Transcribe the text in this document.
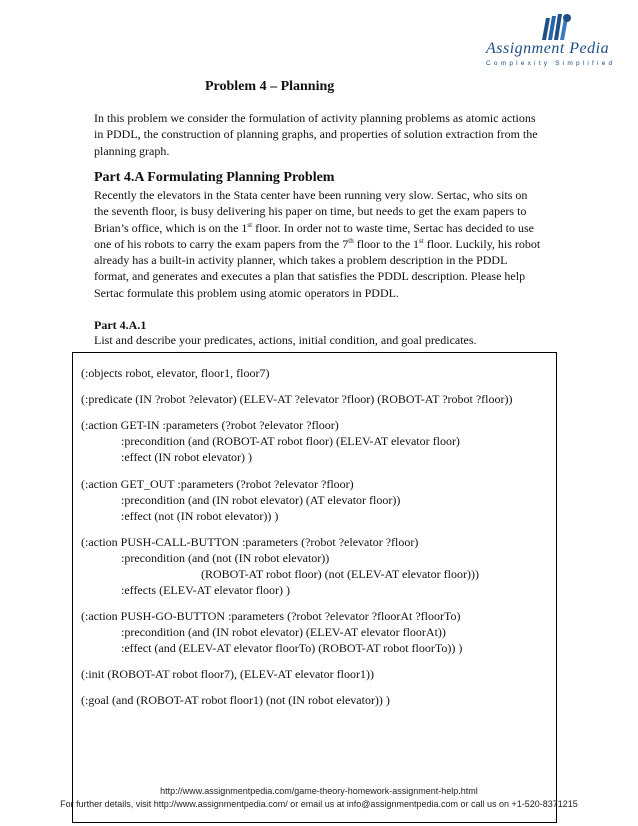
Assignment Pedia
Complexity Simplified
Problem 4 – Planning
In this problem we consider the formulation of activity planning problems as atomic actions in PDDL, the construction of planning graphs, and properties of solution extraction from the planning graph.
Part 4.A Formulating Planning Problem
Recently the elevators in the Stata center have been running very slow. Sertac, who sits on the seventh floor, is busy delivering his paper on time, but needs to get the exam papers to Brian’s office, which is on the 1st floor. In order not to waste time, Sertac has decided to use one of his robots to carry the exam papers from the 7th floor to the 1st floor. Luckily, his robot already has a built-in activity planner, which takes a problem description in the PDDL format, and generates and executes a plan that satisfies the PDDL description. Please help Sertac formulate this problem using atomic operators in PDDL.
Part 4.A.1
List and describe your predicates, actions, initial condition, and goal predicates.
(:objects robot, elevator, floor1, floor7)
(:predicate (IN ?robot ?elevator) (ELEV-AT ?elevator ?floor) (ROBOT-AT ?robot ?floor))
(:action GET-IN :parameters (?robot ?elevator ?floor)
:precondition (and (ROBOT-AT robot floor) (ELEV-AT elevator floor)
:effect (IN robot elevator) )
(:action GET_OUT :parameters (?robot ?elevator ?floor)
:precondition (and (IN robot elevator) (AT elevator floor))
:effect (not (IN robot elevator)) )
(:action PUSH-CALL-BUTTON :parameters (?robot ?elevator ?floor)
:precondition (and (not (IN robot elevator))
(ROBOT-AT robot floor) (not (ELEV-AT elevator floor)))
:effects (ELEV-AT elevator floor) )
(:action PUSH-GO-BUTTON :parameters (?robot ?elevator ?floorAt ?floorTo)
:precondition (and (IN robot elevator) (ELEV-AT elevator floorAt))
:effect (and (ELEV-AT elevator floorTo) (ROBOT-AT robot floorTo)) )
(:init (ROBOT-AT robot floor7), (ELEV-AT elevator floor1))
(:goal (and (ROBOT-AT robot floor1) (not (IN robot elevator)) )
http://www.assignmentpedia.com/game-theory-homework-assignment-help.html
For further details, visit http://www.assignmentpedia.com/ or email us at info@assignmentpedia.com or call us on +1-520-8371215
